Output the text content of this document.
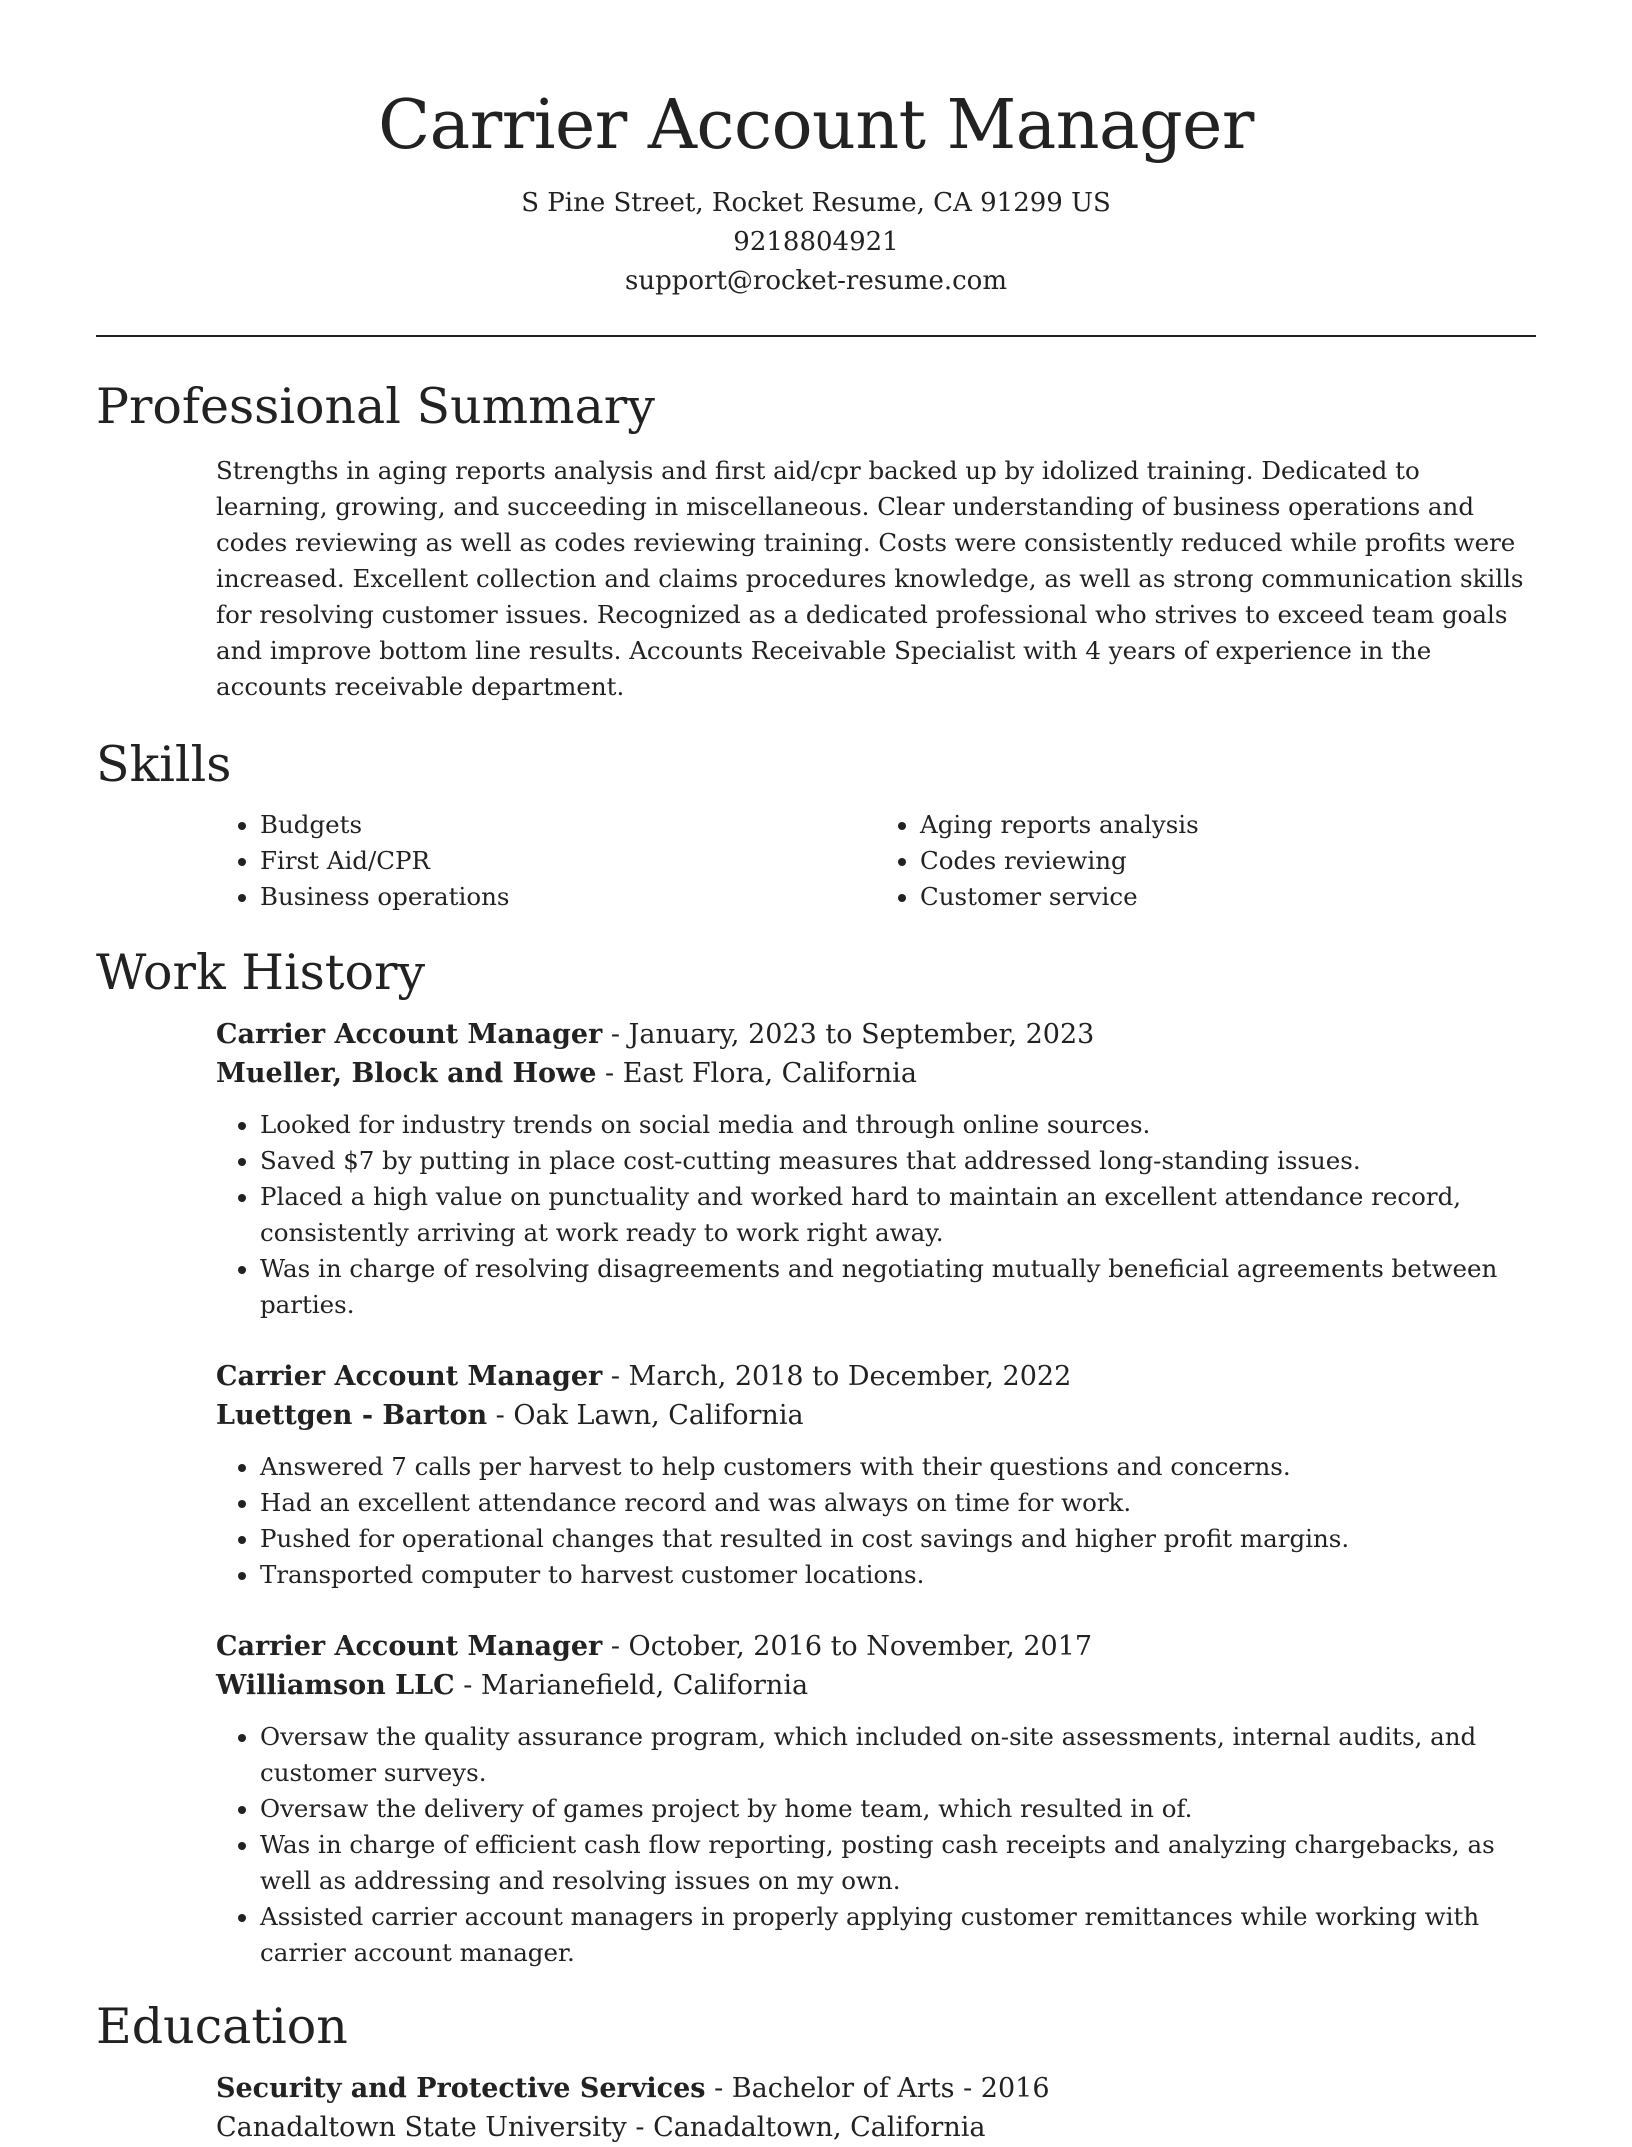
Carrier Account Manager
S Pine Street, Rocket Resume, CA 91299 US
9218804921
support@rocket-resume.com
Professional Summary

Strengths in aging reports analysis and first aid/cpr backed up by idolized training. Dedicated to learning, growing, and succeeding in miscellaneous. Clear understanding of business operations and codes reviewing as well as codes reviewing training. Costs were consistently reduced while profits were increased. Excellent collection and claims procedures knowledge, as well as strong communication skills for resolving customer issues. Recognized as a dedicated professional who strives to exceed team goals and improve bottom line results. Accounts Receivable Specialist with 4 years of experience in the accounts receivable department.

Skills
• Budgets
• First Aid/CPR
• Business operations
• Aging reports analysis
• Codes reviewing
• Customer service
Work History
Carrier Account Manager - January, 2023 to September, 2023
Mueller, Block and Howe - East Flora, California
• Looked for industry trends on social media and through online sources.
• Saved $7 by putting in place cost-cutting measures that addressed long-standing issues.
• Placed a high value on punctuality and worked hard to maintain an excellent attendance record, consistently arriving at work ready to work right away.
• Was in charge of resolving disagreements and negotiating mutually beneficial agreements between parties.
Carrier Account Manager - March, 2018 to December, 2022
Luettgen - Barton - Oak Lawn, California
• Answered 7 calls per harvest to help customers with their questions and concerns.
• Had an excellent attendance record and was always on time for work.
• Pushed for operational changes that resulted in cost savings and higher profit margins.
• Transported computer to harvest customer locations.
Carrier Account Manager - October, 2016 to November, 2017
Williamson LLC - Marianefield, California
• Oversaw the quality assurance program, which included on-site assessments, internal audits, and customer surveys.
• Oversaw the delivery of games project by home team, which resulted in of.
• Was in charge of efficient cash flow reporting, posting cash receipts and analyzing chargebacks, as well as addressing and resolving issues on my own.
• Assisted carrier account managers in properly applying customer remittances while working with carrier account manager.
Education
Security and Protective Services - Bachelor of Arts - 2016
Canadaltown State University - Canadaltown, California
